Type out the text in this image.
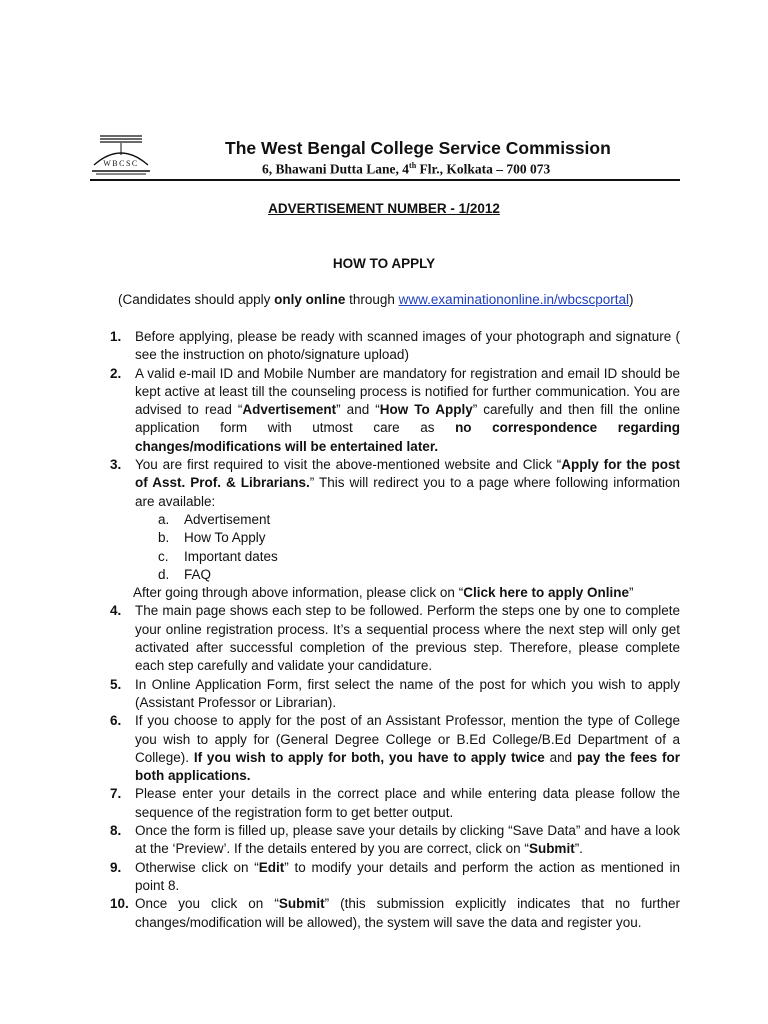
WBCSC
The West Bengal College Service Commission
6, Bhawani Dutta Lane, 4th Flr., Kolkata – 700 073
ADVERTISEMENT NUMBER - 1/2012
HOW TO APPLY
(Candidates should apply only online through www.examinationonline.in/wbcscportal)
1.	Before applying, please be ready with scanned images of your photograph and signature ( see the instruction on photo/signature upload)
2.	A valid e-mail ID and Mobile Number are mandatory for registration and email ID should be kept active at least till the counseling process is notified for further communication. You are advised to read “Advertisement” and “How To Apply” carefully and then fill the online application form with utmost care as no correspondence regarding changes/modifications will be entertained later.
3.	You are first required to visit the above-mentioned website and Click “Apply for the post of Asst. Prof. & Librarians.” This will redirect you to a page where following information are available:
a.	Advertisement
b.	How To Apply
c.	Important dates
d.	FAQ
After going through above information, please click on “Click here to apply Online”
4.	The main page shows each step to be followed. Perform the steps one by one to complete your online registration process. It’s a sequential process where the next step will only get activated after successful completion of the previous step. Therefore, please complete each step carefully and validate your candidature.
5.	In Online Application Form, first select the name of the post for which you wish to apply (Assistant Professor or Librarian).
6.	If you choose to apply for the post of an Assistant Professor, mention the type of College you wish to apply for (General Degree College or B.Ed College/B.Ed Department of a College). If you wish to apply for both, you have to apply twice and pay the fees for both applications.
7.	Please enter your details in the correct place and while entering data please follow the sequence of the registration form to get better output.
8.	Once the form is filled up, please save your details by clicking “Save Data” and have a look at the ‘Preview’. If the details entered by you are correct, click on “Submit”.
9.	Otherwise click on “Edit” to modify your details and perform the action as mentioned in point 8.
10. Once you click on “Submit” (this submission explicitly indicates that no further changes/modification will be allowed), the system will save the data and register you.
